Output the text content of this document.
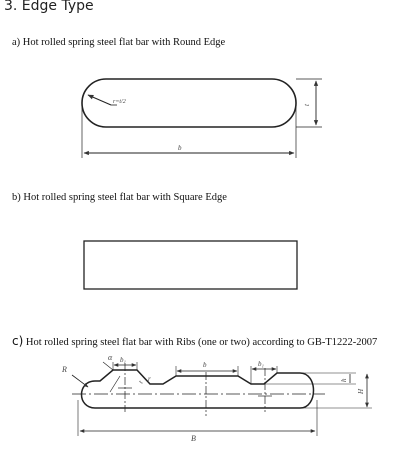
3. Edge Type
a) Hot rolled spring steel flat bar with Round Edge
b) Hot rolled spring steel flat bar with Square Edge
c) Hot rolled spring steel flat bar with Ribs (one or two) according to GB-T1222-2007
r=t/2
b
t
R
α b₁
b	b₁
r
t	h
H
B
